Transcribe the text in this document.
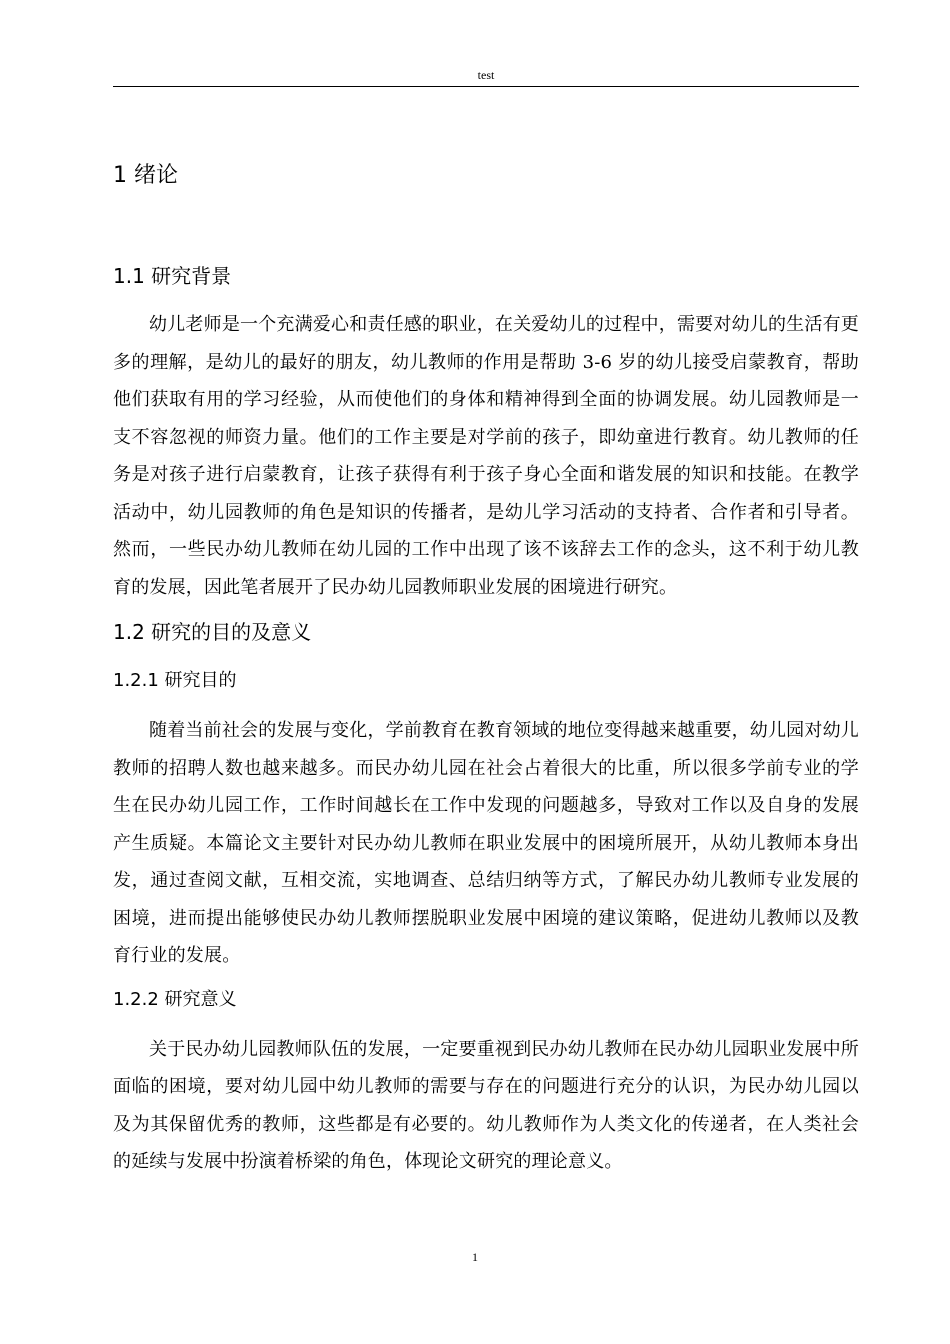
test
1 绪论
1.1 研究背景

幼儿老师是一个充满爱心和责任感的职业，在关爱幼儿的过程中，需要对幼儿的生活有更多的理解，是幼儿的最好的朋友，幼儿教师的作用是帮助 3-6 岁的幼儿接受启蒙教育，帮助他们获取有用的学习经验，从而使他们的身体和精神得到全面的协调发展。幼儿园教师是一支不容忽视的师资力量。他们的工作主要是对学前的孩子，即幼童进行教育。幼儿教师的任务是对孩子进行启蒙教育，让孩子获得有利于孩子身心全面和谐发展的知识和技能。在教学活动中，幼儿园教师的角色是知识的传播者，是幼儿学习活动的支持者、合作者和引导者。然而，一些民办幼儿教师在幼儿园的工作中出现了该不该辞去工作的念头，这不利于幼儿教育的发展，因此笔者展开了民办幼儿园教师职业发展的困境进行研究。

1.2 研究的目的及意义
1.2.1 研究目的

随着当前社会的发展与变化，学前教育在教育领域的地位变得越来越重要，幼儿园对幼儿教师的招聘人数也越来越多。而民办幼儿园在社会占着很大的比重，所以很多学前专业的学生在民办幼儿园工作，工作时间越长在工作中发现的问题越多，导致对工作以及自身的发展产生质疑。本篇论文主要针对民办幼儿教师在职业发展中的困境所展开，从幼儿教师本身出发，通过查阅文献，互相交流，实地调查、总结归纳等方式，了解民办幼儿教师专业发展的困境，进而提出能够使民办幼儿教师摆脱职业发展中困境的建议策略，促进幼儿教师以及教育行业的发展。

1.2.2 研究意义

关于民办幼儿园教师队伍的发展，一定要重视到民办幼儿教师在民办幼儿园职业发展中所面临的困境，要对幼儿园中幼儿教师的需要与存在的问题进行充分的认识，为民办幼儿园以及为其保留优秀的教师，这些都是有必要的。幼儿教师作为人类文化的传递者，在人类社会的延续与发展中扮演着桥梁的角色，体现论文研究的理论意义。

1
